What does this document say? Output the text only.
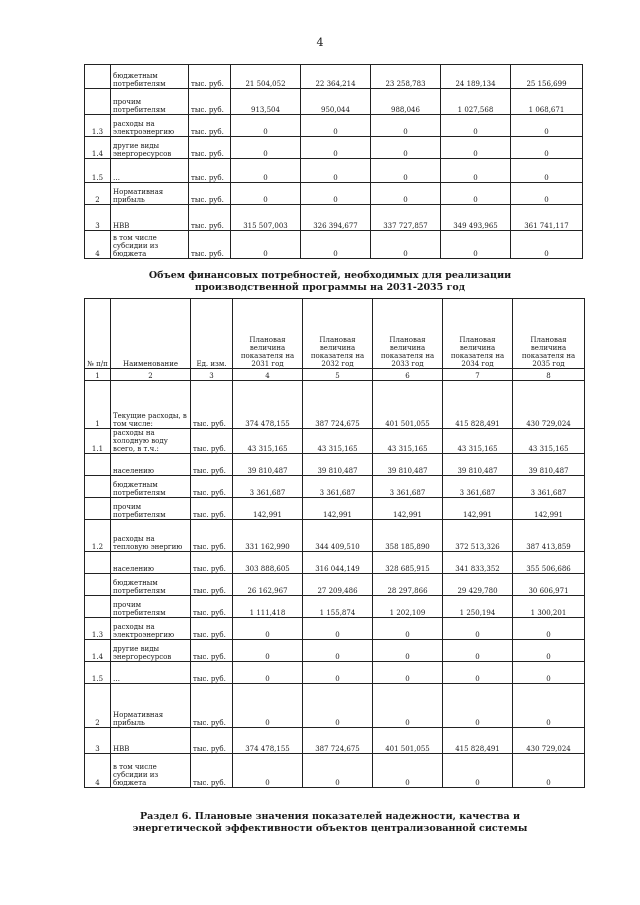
4
	бюджетным потребителям	тыс. руб.	21 504,052	22 364,214	23 258,783	24 189,134	25 156,699
	прочим потребителям	тыс. руб.	913,504	950,044	988,046	1 027,568	1 068,671
1.3	расходы на электроэнергию	тыс. руб.	0	0	0	0	0
1.4	другие виды энергоресурсов	тыс. руб.	0	0	0	0	0
1.5	…	тыс. руб.	0	0	0	0	0
2	Нормативная прибыль	тыс. руб.	0	0	0	0	0
3	НВВ	тыс. руб.	315 507,003	326 394,677	337 727,857	349 493,965	361 741,117
4	в том числе субсидии из бюджета	тыс. руб.	0	0	0	0	0
Объем финансовых потребностей, необходимых для реализации производственной программы на 2031-2035 год
№ п/п	Наименование	Ед. изм.	Плановая величина показателя на 2031 год	Плановая величина показателя на 2032 год	Плановая величина показателя на 2033 год	Плановая величина показателя на 2034 год	Плановая величина показателя на 2035 год
1	2	3	4	5	6	7	8
1	Текущие расходы, в том числе:	тыс. руб.	374 478,155	387 724,675	401 501,055	415 828,491	430 729,024
1.1	расходы на холодную воду всего, в т.ч.:	тыс. руб.	43 315,165	43 315,165	43 315,165	43 315,165	43 315,165
	населению	тыс. руб.	39 810,487	39 810,487	39 810,487	39 810,487	39 810,487
	бюджетным потребителям	тыс. руб.	3 361,687	3 361,687	3 361,687	3 361,687	3 361,687
	прочим потребителям	тыс. руб.	142,991	142,991	142,991	142,991	142,991
1.2	расходы на тепловую энергию	тыс. руб.	331 162,990	344 409,510	358 185,890	372 513,326	387 413,859
	населению	тыс. руб.	303 888,605	316 044,149	328 685,915	341 833,352	355 506,686
	бюджетным потребителям	тыс. руб.	26 162,967	27 209,486	28 297,866	29 429,780	30 606,971
	прочим потребителям	тыс. руб.	1 111,418	1 155,874	1 202,109	1 250,194	1 300,201
1.3	расходы на электроэнергию	тыс. руб.	0	0	0	0	0
1.4	другие виды энергоресурсов	тыс. руб.	0	0	0	0	0
1.5	…	тыс. руб.	0	0	0	0	0
2	Нормативная прибыль	тыс. руб.	0	0	0	0	0
3	НВВ	тыс. руб.	374 478,155	387 724,675	401 501,055	415 828,491	430 729,024
4	в том числе субсидии из бюджета	тыс. руб.	0	0	0	0	0
Раздел 6. Плановые значения показателей надежности, качества и энергетической эффективности объектов централизованной системы
